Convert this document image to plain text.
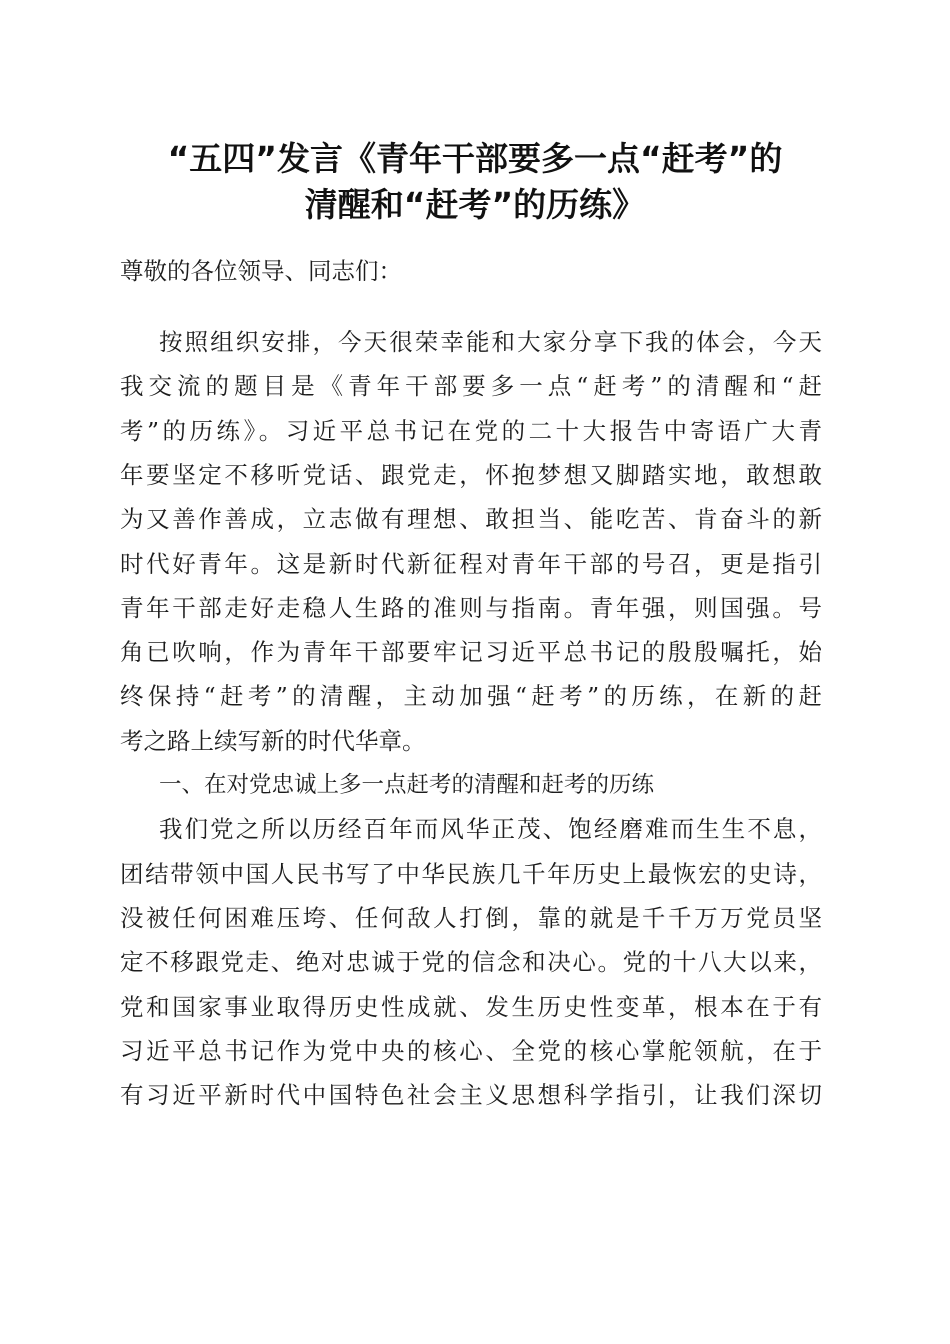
“五四”发言《青年干部要多一点“赶考”的
清醒和“赶考”的历练》
尊敬的各位领导、同志们：
按照组织安排，今天很荣幸能和大家分享下我的体会，今天
我交流的题目是《青年干部要多一点“赶考”的清醒和“赶
考”的历练》。习近平总书记在党的二十大报告中寄语广大青
年要坚定不移听党话、跟党走，怀抱梦想又脚踏实地，敢想敢
为又善作善成，立志做有理想、敢担当、能吃苦、肯奋斗的新
时代好青年。这是新时代新征程对青年干部的号召，更是指引
青年干部走好走稳人生路的准则与指南。青年强，则国强。号
角已吹响，作为青年干部要牢记习近平总书记的殷殷嘱托，始
终保持“赶考”的清醒，主动加强“赶考”的历练，在新的赶
考之路上续写新的时代华章。
一、在对党忠诚上多一点赶考的清醒和赶考的历练
我们党之所以历经百年而风华正茂、饱经磨难而生生不息，
团结带领中国人民书写了中华民族几千年历史上最恢宏的史诗，
没被任何困难压垮、任何敌人打倒，靠的就是千千万万党员坚
定不移跟党走、绝对忠诚于党的信念和决心。党的十八大以来，
党和国家事业取得历史性成就、发生历史性变革，根本在于有
习近平总书记作为党中央的核心、全党的核心掌舵领航，在于
有习近平新时代中国特色社会主义思想科学指引，让我们深切
